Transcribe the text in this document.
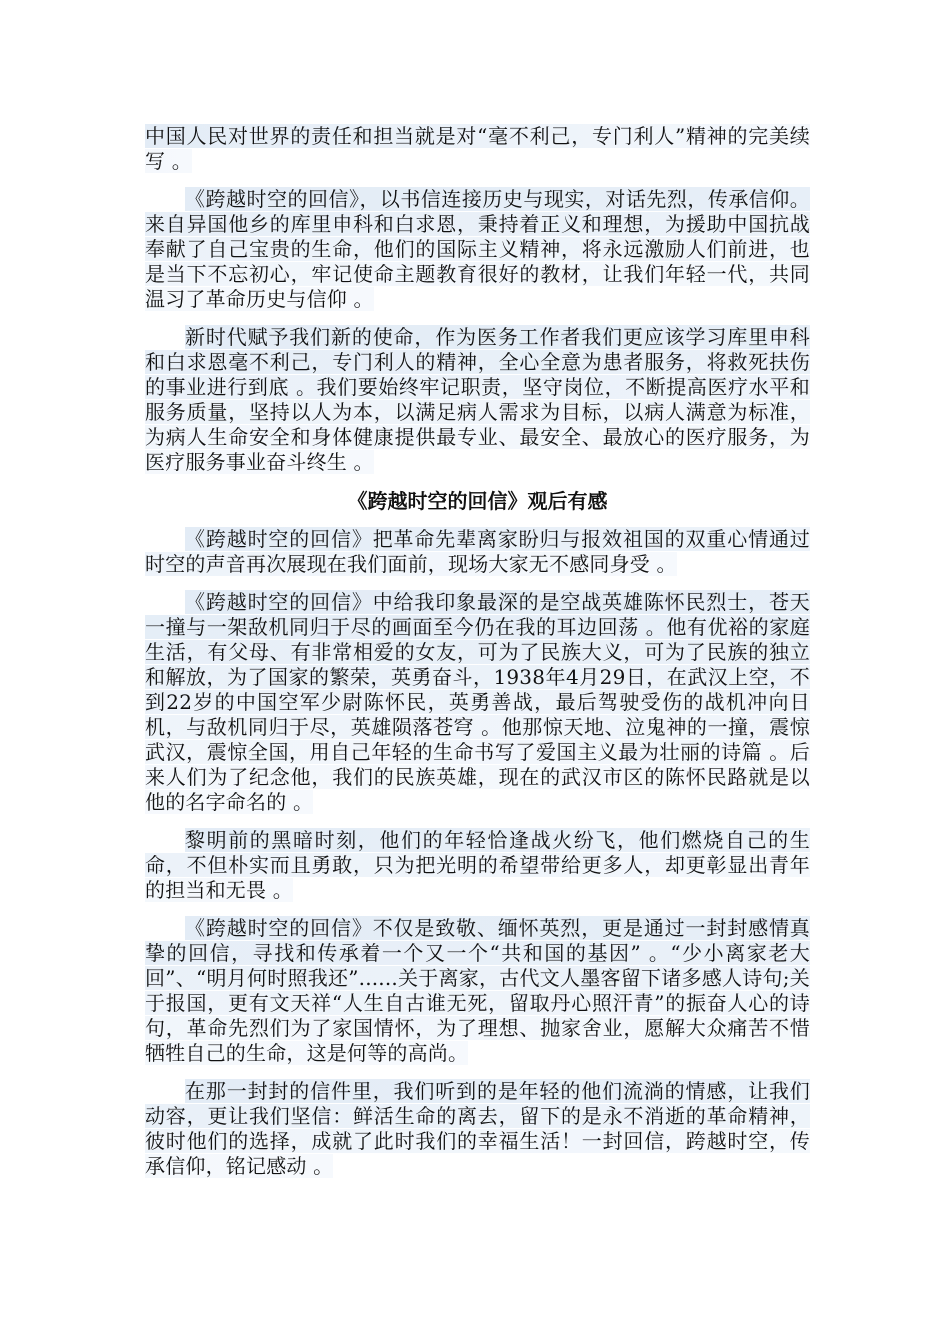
中国人民对世界的责任和担当就是对“毫不利己，专门利人”精神的完美续写 。

《跨越时空的回信》，以书信连接历史与现实，对话先烈，传承信仰。来自异国他乡的库里申科和白求恩，秉持着正义和理想，为援助中国抗战奉献了自己宝贵的生命，他们的国际主义精神，将永远激励人们前进，也是当下不忘初心，牢记使命主题教育很好的教材，让我们年轻一代，共同温习了革命历史与信仰 。

新时代赋予我们新的使命，作为医务工作者我们更应该学习库里申科和白求恩毫不利己，专门利人的精神，全心全意为患者服务，将救死扶伤的事业进行到底 。我们要始终牢记职责，坚守岗位，不断提高医疗水平和服务质量，坚持以人为本，以满足病人需求为目标，以病人满意为标准，为病人生命安全和身体健康提供最专业、最安全、最放心的医疗服务，为医疗服务事业奋斗终生 。

《跨越时空的回信》观后有感

《跨越时空的回信》把革命先辈离家盼归与报效祖国的双重心情通过时空的声音再次展现在我们面前，现场大家无不感同身受 。

《跨越时空的回信》中给我印象最深的是空战英雄陈怀民烈士，苍天一撞与一架敌机同归于尽的画面至今仍在我的耳边回荡 。他有优裕的家庭生活，有父母、有非常相爱的女友，可为了民族大义，可为了民族的独立和解放，为了国家的繁荣，英勇奋斗，1938年4月29日，在武汉上空，不到22岁的中国空军少尉陈怀民，英勇善战，最后驾驶受伤的战机冲向日机，与敌机同归于尽，英雄陨落苍穹 。他那惊天地、泣鬼神的一撞，震惊武汉，震惊全国，用自己年轻的生命书写了爱国主义最为壮丽的诗篇 。后来人们为了纪念他，我们的民族英雄，现在的武汉市区的陈怀民路就是以他的名字命名的 。

黎明前的黑暗时刻，他们的年轻恰逢战火纷飞，他们燃烧自己的生命，不但朴实而且勇敢，只为把光明的希望带给更多人，却更彰显出青年的担当和无畏 。

《跨越时空的回信》不仅是致敬、缅怀英烈，更是通过一封封感情真挚的回信，寻找和传承着一个又一个“共和国的基因” 。“少小离家老大回”、“明月何时照我还”......关于离家，古代文人墨客留下诸多感人诗句;关于报国，更有文天祥“人生自古谁无死，留取丹心照汗青”的振奋人心的诗句，革命先烈们为了家国情怀，为了理想、抛家舍业，愿解大众痛苦不惜牺牲自己的生命，这是何等的高尚。

在那一封封的信件里，我们听到的是年轻的他们流淌的情感，让我们动容，更让我们坚信：鲜活生命的离去，留下的是永不消逝的革命精神，彼时他们的选择，成就了此时我们的幸福生活！一封回信，跨越时空，传承信仰，铭记感动 。
